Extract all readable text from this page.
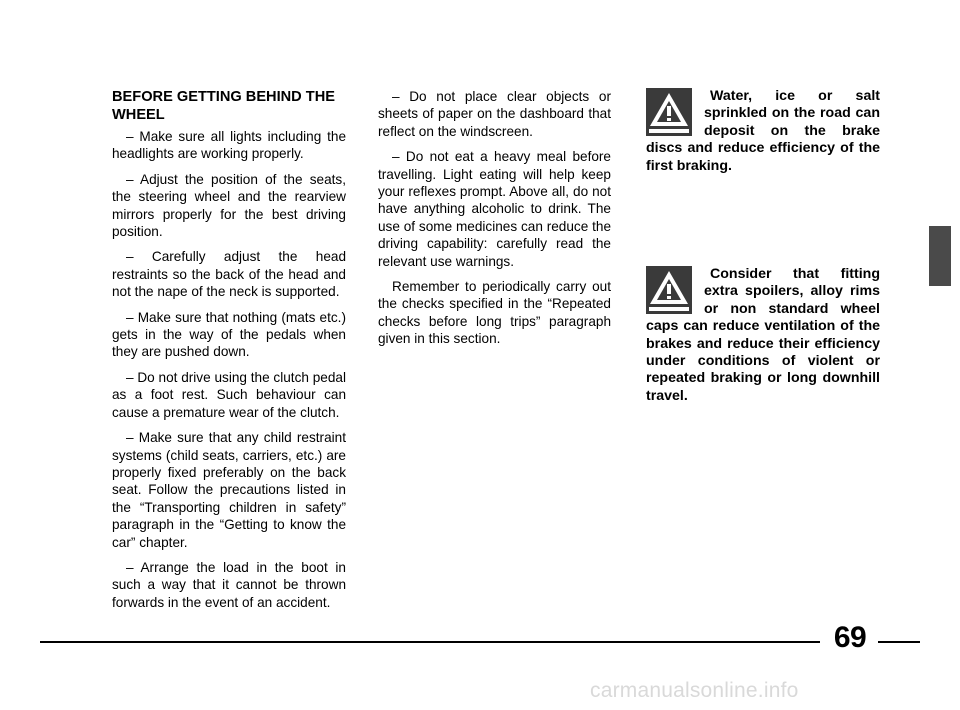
BEFORE GETTING BEHIND THE WHEEL

– Make sure all lights including the headlights are working properly.

– Adjust the position of the seats, the steering wheel and the rearview mirrors properly for the best driving position.

– Carefully adjust the head restraints so the back of the head and not the nape of the neck is supported.

– Make sure that nothing (mats etc.) gets in the way of the pedals when they are pushed down.

– Do not drive using the clutch pedal as a foot rest. Such behaviour can cause a premature wear of the clutch.

– Make sure that any child restraint systems (child seats, carriers, etc.) are properly fixed preferably on the back seat. Follow the precautions listed in the “Transporting children in safety” paragraph in the “Getting to know the car” chapter.

– Arrange the load in the boot in such a way that it cannot be thrown forwards in the event of an accident.

– Do not place clear objects or sheets of paper on the dashboard that reflect on the windscreen.

– Do not eat a heavy meal before travelling. Light eating will help keep your reflexes prompt. Above all, do not have anything alcoholic to drink. The use of some medicines can reduce the driving capability: carefully read the relevant use warnings.

Remember to periodically carry out the checks specified in the “Repeated checks before long trips” paragraph given in this section.

Water, ice or salt sprinkled on the road can deposit on the brake discs and reduce efficiency of the first braking.

Consider that fitting extra spoilers, alloy rims or non standard wheel caps can reduce ventilation of the brakes and reduce their efficiency under conditions of violent or repeated braking or long downhill travel.

69
carmanualsonline.info
